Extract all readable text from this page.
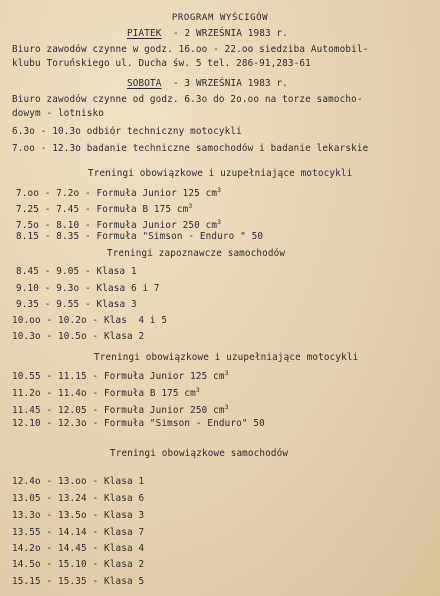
PROGRAM WYŚCIGÓW
PIATEK - 2 WRZEŚNIA 1983 r.
Biuro zawodów czynne w godz. 16.oo - 22.oo siedziba Automobil-
klubu Toruńskiego ul. Ducha św. 5 tel. 286-91,283-61
SOBOTA - 3 WRZEŚNIA 1983 r.
Biuro zawodów czynne od godz. 6.3o do 2o.oo na torze samocho-
dowym - lotnisko
6.3o - 10.3o odbiór techniczny motocykli
7.oo - 12.3o badanie techniczne samochodów i badanie lekarskie
Treningi obowiązkowe i uzupełniające motocykli
7.oo - 7.2o - Formuła Junior 125 $cm^3$
7.25 - 7.45 - Formuła B 175 $cm^3$
7.5o - 8.10 - Formuła Junior 250 $cm^3$
8.15 - 8.35 - Formuła "Simson - Enduro " 50
Treningi zapoznawcze samochodów
8.45 - 9.05 - Klasa 1
9.10 - 9.3o - Klasa 6 i 7
9.35 - 9.55 - Klasa 3
10.oo - 10.2o - Klas  4 i 5
10.3o - 10.5o - Klasa 2
Treningi obowiązkowe i uzupełniające motocykli
10.55 - 11.15 - Formuła Junior 125 $cm^3$
11.2o - 11.4o - Formuła B 175 $cm^3$
11.45 - 12.05 - Formuła Junior 250 $cm^3$
12.10 - 12.3o - Formuła "Simson - Enduro" 50
Treningi obowiązkowe samochodów
12.4o - 13.oo - Klasa 1
13.05 - 13.24 - Klasa 6
13.3o - 13.5o - Klasa 3
13.55 - 14.14 - Klasa 7
14.2o - 14.45 - Klasa 4
14.5o - 15.10 - Klasa 2
15.15 - 15.35 - Klasa 5
